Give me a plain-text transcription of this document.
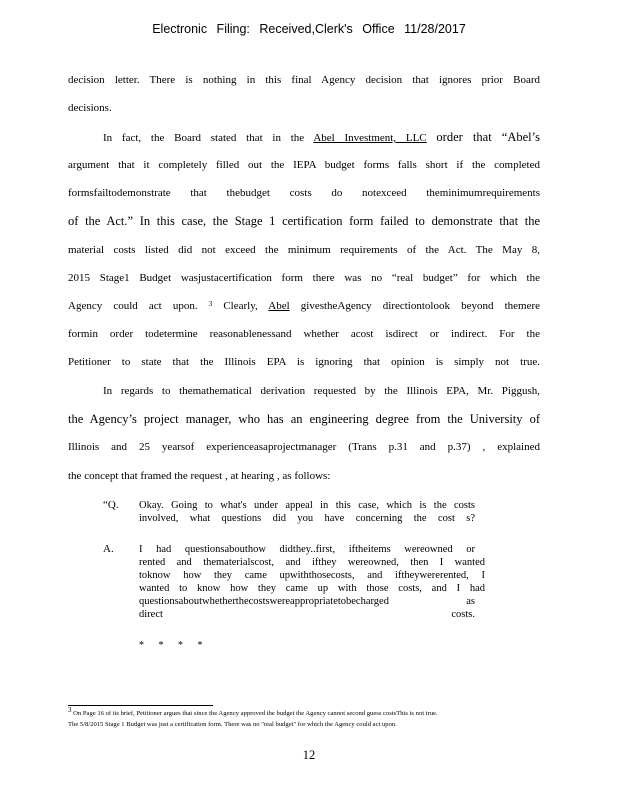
Electronic Filing: Received,Clerk's Office 11/28/2017
decision letter. There is nothing in this final Agency decision that ignores prior Board
decisions.
In fact, the Board stated that in the Abel Investment, LLC order that “Abel’s
argument that it completely filled out the IEPA budget forms falls short if the completed
formsfailtodemonstrate that thebudget costs do notexceed theminimumrequirements
of the Act.” In this case, the Stage 1 certification form failed to demonstrate that the
material costs listed did not exceed the minimum requirements of the Act. The May 8,
2015 Stage1 Budget wasjustacertification form there was no “real budget” for which the
Agency could act upon. $^3$ Clearly, Abel givestheAgency directiontolook beyond themere
formin order todetermine reasonablenessand whether acost isdirect or indirect. For the
Petitioner to state that the Illinois EPA is ignoring that opinion is simply not true.
In regards to themathematical derivation requested by the Illinois EPA, Mr. Piggush,
the Agency’s project manager, who has an engineering degree from the University of
Illinois and 25 yearsof experienceasaprojectmanager (Trans p.31 and p.37) , explained
the concept that framed the request , at hearing , as follows:
“Q. Okay. Going to what's under appeal in this case, which is the costs
involved, what questions did you have concerning the cost s?
A. I had questionsabouthow didthey..first, iftheitems wereowned or
rented and thematerialscost, and ifthey wereowned, then I wanted
toknow how they came upwiththosecosts, and iftheywererented, I
wanted to know how they came up with those costs, and I had
questionsaboutwhetherthecostswereappropriatetobecharged as
direct costs.
* * * *
$^3$ On Page 16 of its brief, Petitioner argues that since the Agency approved the budget the Agency cannot second guess costsThis is not true.
The 5/8/2015 Stage 1 Budget was just a certification form. There was no "real budget" for which the Agency could act upon.
12
